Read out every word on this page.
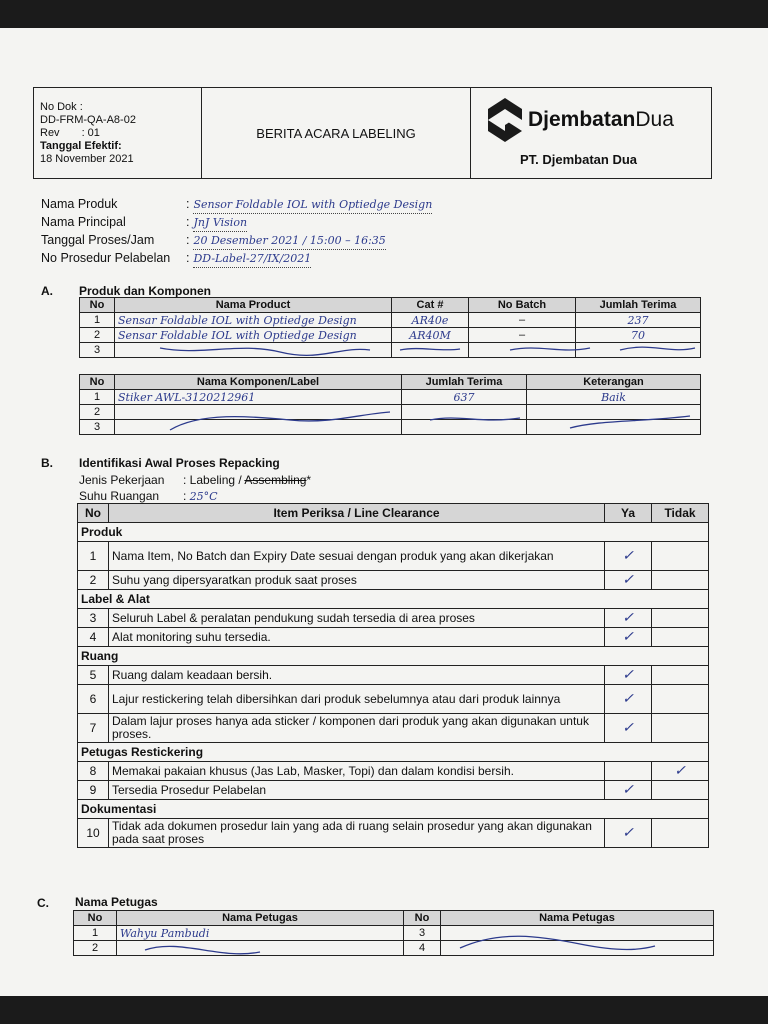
No Dok :
DD-FRM-QA-A8-02
Rev : 01
Tanggal Efektif:
18 November 2021
BERITA ACARA LABELING
DjembatanDua
PT. Djembatan Dua
Nama Produk	: Sensor Foldable IOL with Optiedge Design
Nama Principal	: JnJ Vision
Tanggal Proses/Jam	: 20 Desember 2021 / 15:00 – 16:35
No Prosedur Pelabelan	: DD-Label-27/IX/2021
A. Produk dan Komponen
No	Nama Product	Cat #	No Batch	Jumlah Terima
1	Sensar Foldable IOL with Optiedge Design	AR40e	–	237
2	Sensar Foldable IOL with Optiedge Design	AR40M	–	70
3				
No	Nama Komponen/Label	Jumlah Terima	Keterangan
1	Stiker AWL-3120212961	637	Baik
2			
3			
B. Identifikasi Awal Proses Repacking
Jenis Pekerjaan : Labeling / Assembling*
Suhu Ruangan : 25°C
No	Item Periksa / Line Clearance	Ya	Tidak
Produk			
1	Nama Item, No Batch dan Expiry Date sesuai dengan produk yang akan dikerjakan	✓	
2	Suhu yang dipersyaratkan produk saat proses	✓	
Label & Alat			
3	Seluruh Label & peralatan pendukung sudah tersedia di area proses	✓	
4	Alat monitoring suhu tersedia.	✓	
Ruang			
5	Ruang dalam keadaan bersih.	✓	
6	Lajur restickering telah dibersihkan dari produk sebelumnya atau dari produk lainnya	✓	
7	Dalam lajur proses hanya ada sticker / komponen dari produk yang akan digunakan untuk proses.	✓	
Petugas Restickering			
8	Memakai pakaian khusus (Jas Lab, Masker, Topi) dan dalam kondisi bersih.		✓
9	Tersedia Prosedur Pelabelan	✓	
Dokumentasi			
10	Tidak ada dokumen prosedur lain yang ada di ruang selain prosedur yang akan digunakan pada saat proses	✓	
C. Nama Petugas
No	Nama Petugas	No	Nama Petugas
1	Wahyu Pambudi	3	
2		4	
